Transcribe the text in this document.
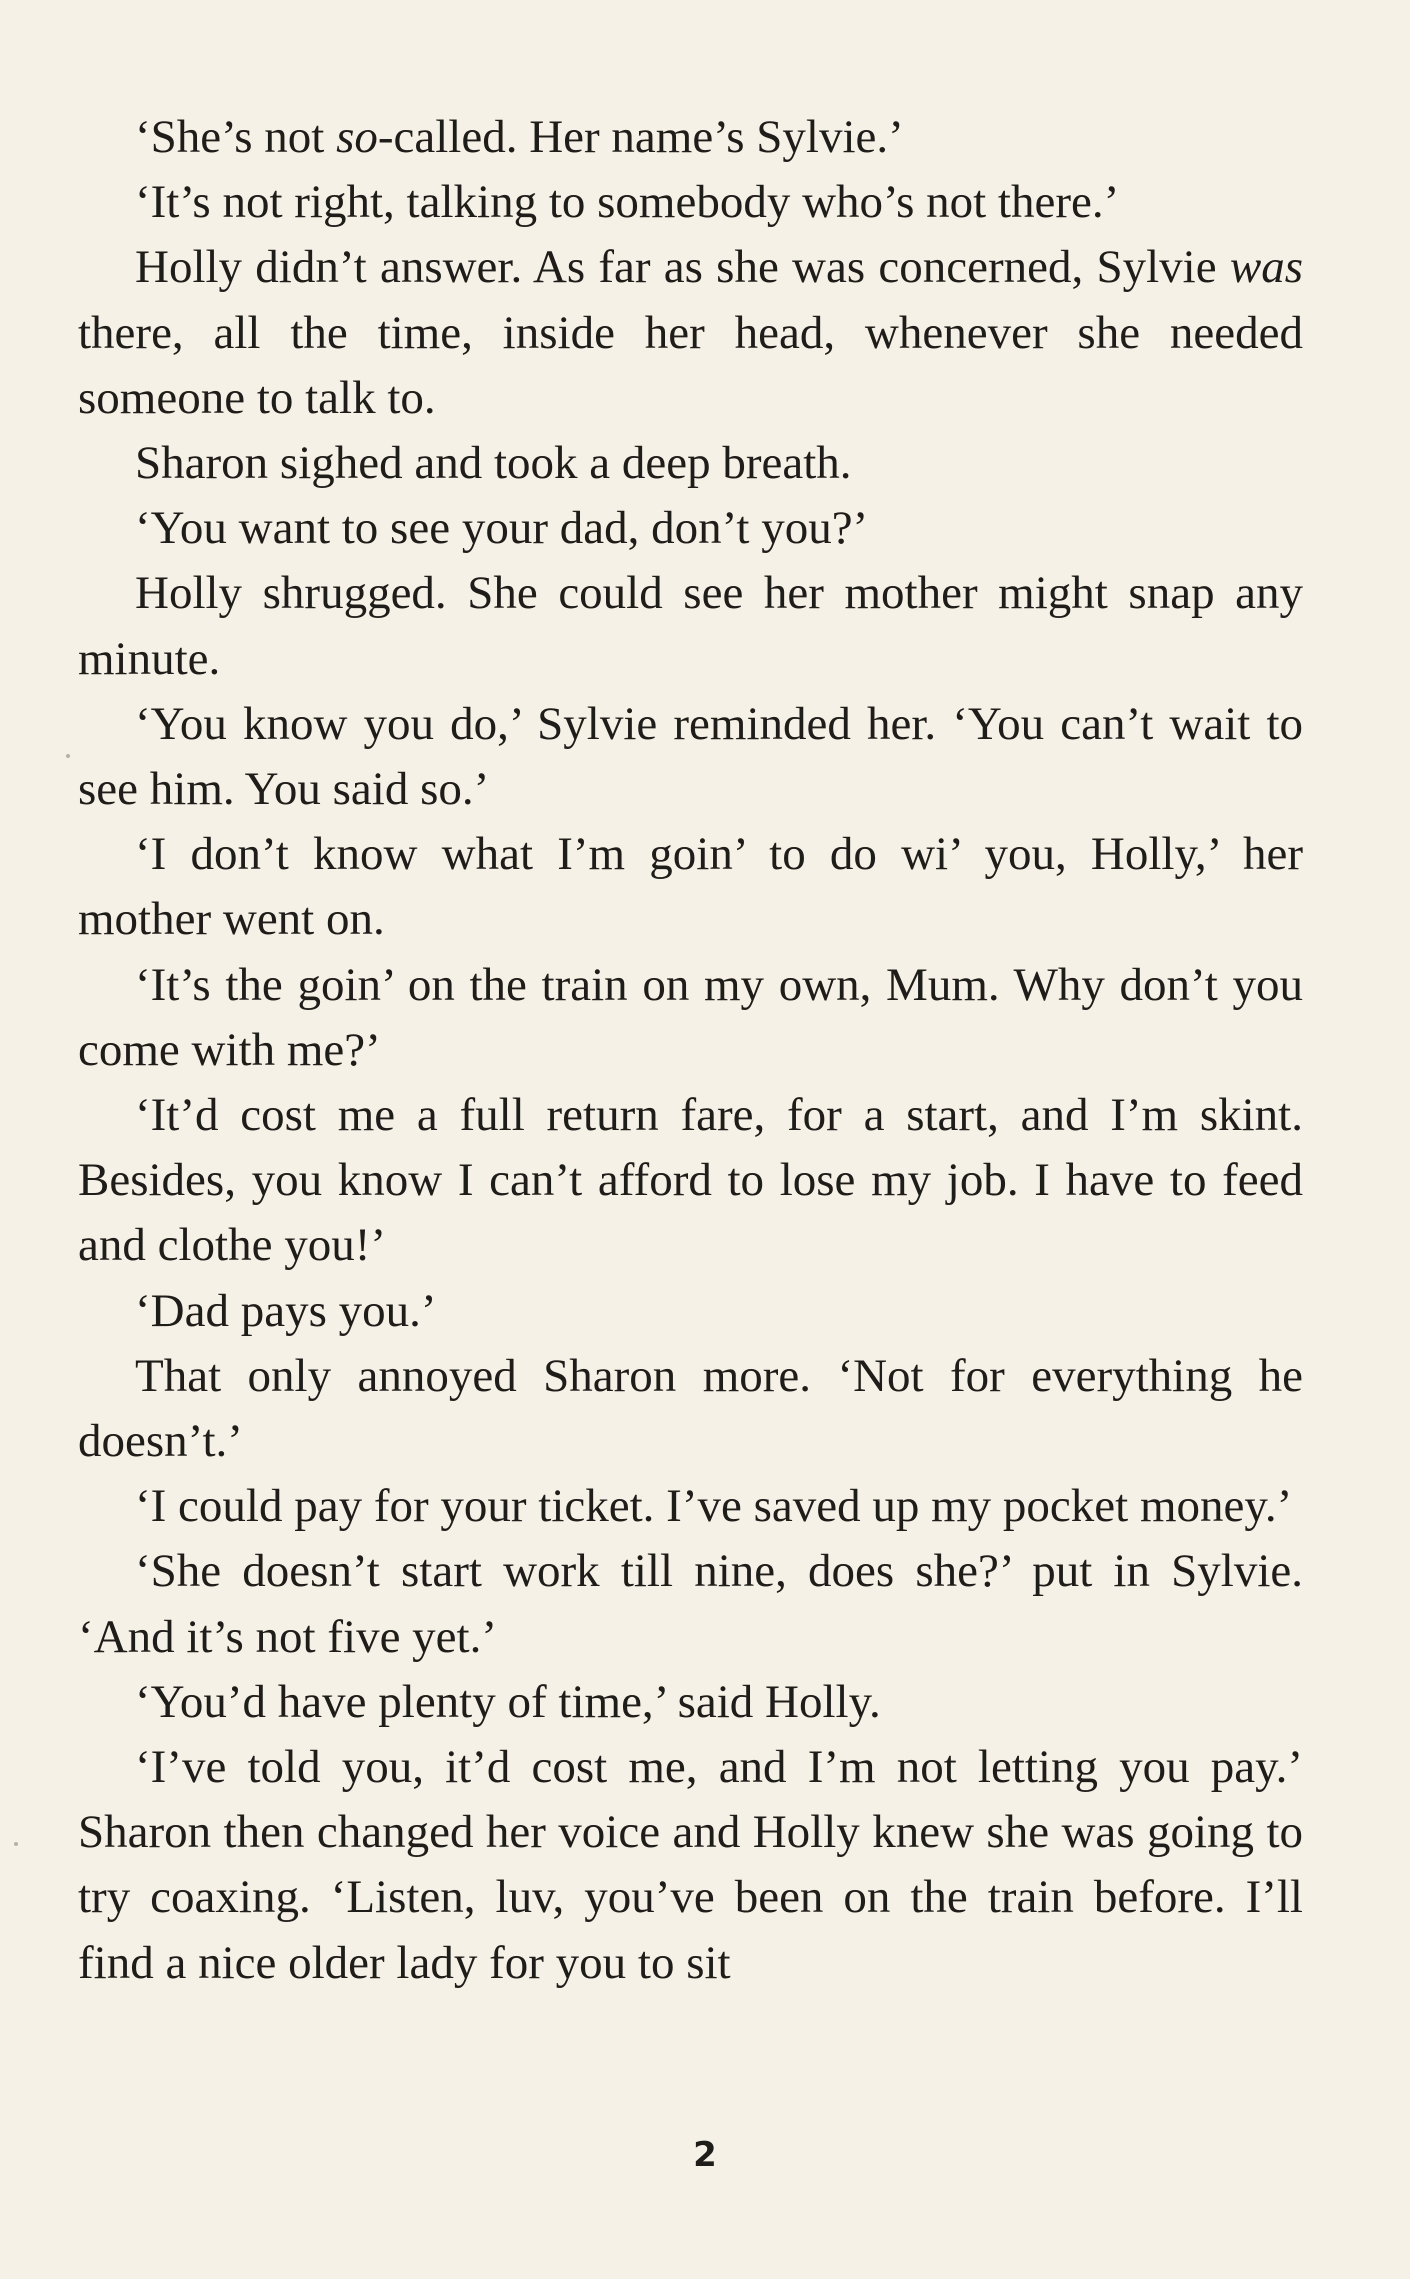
‘She’s not so-called. Her name’s Sylvie.’

‘It’s not right, talking to somebody who’s not there.’

Holly didn’t answer. As far as she was concerned, Sylvie was there, all the time, inside her head, whenever she needed someone to talk to.

Sharon sighed and took a deep breath.

‘You want to see your dad, don’t you?’

Holly shrugged. She could see her mother might snap any minute.

‘You know you do,’ Sylvie reminded her. ‘You can’t wait to see him. You said so.’

‘I don’t know what I’m goin’ to do wi’ you, Holly,’ her mother went on.

‘It’s the goin’ on the train on my own, Mum. Why don’t you come with me?’

‘It’d cost me a full return fare, for a start, and I’m skint. Besides, you know I can’t afford to lose my job. I have to feed and clothe you!’

‘Dad pays you.’

That only annoyed Sharon more. ‘Not for everything he doesn’t.’

‘I could pay for your ticket. I’ve saved up my pocket money.’

‘She doesn’t start work till nine, does she?’ put in Sylvie. ‘And it’s not five yet.’

‘You’d have plenty of time,’ said Holly.

‘I’ve told you, it’d cost me, and I’m not letting you pay.’ Sharon then changed her voice and Holly knew she was going to try coaxing. ‘Listen, luv, you’ve been on the train before. I’ll find a nice older lady for you to sit

2
